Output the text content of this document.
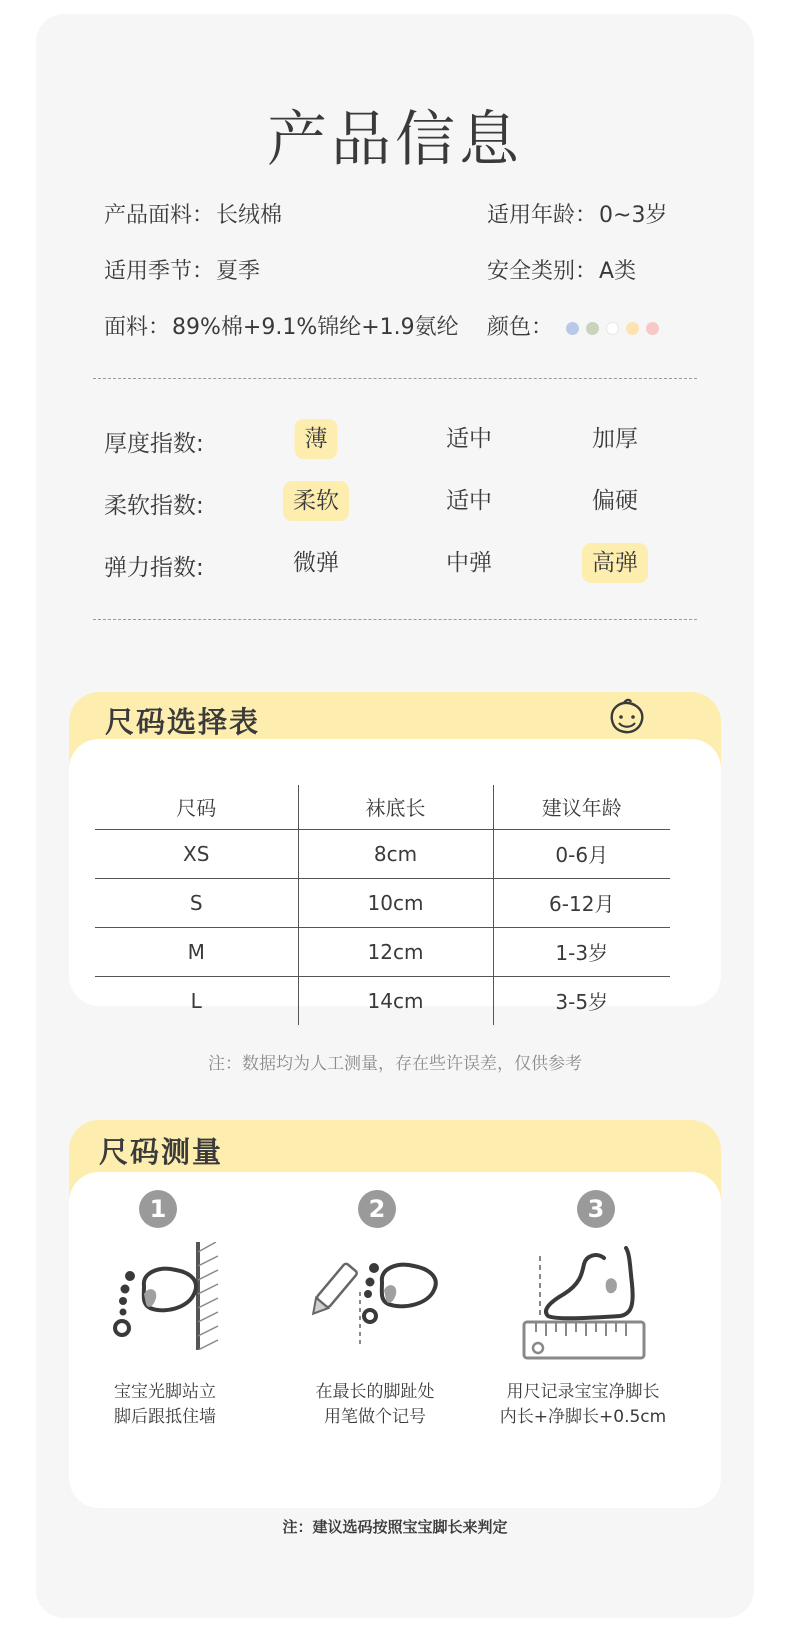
产品信息
产品面料：长绒棉	适用年龄：0~3岁
适用季节：夏季	安全类别：A类
面料：89%棉+9.1%锦纶+1.9氨纶 颜色：
厚度指数:	薄	适中	加厚
柔软指数:	柔软	适中	偏硬
弹力指数:	微弹	中弹	高弹
尺码选择表
尺码	袜底长	建议年龄
XS	8cm	0-6月
S	10cm	6-12月
M	12cm	1-3岁
L	14cm	3-5岁
注：数据均为人工测量，存在些许误差，仅供参考
尺码测量
1
宝宝光脚站立
脚后跟抵住墙
2
在最长的脚趾处
用笔做个记号
3
用尺记录宝宝净脚长
内长+净脚长+0.5cm
注：建议选码按照宝宝脚长来判定
